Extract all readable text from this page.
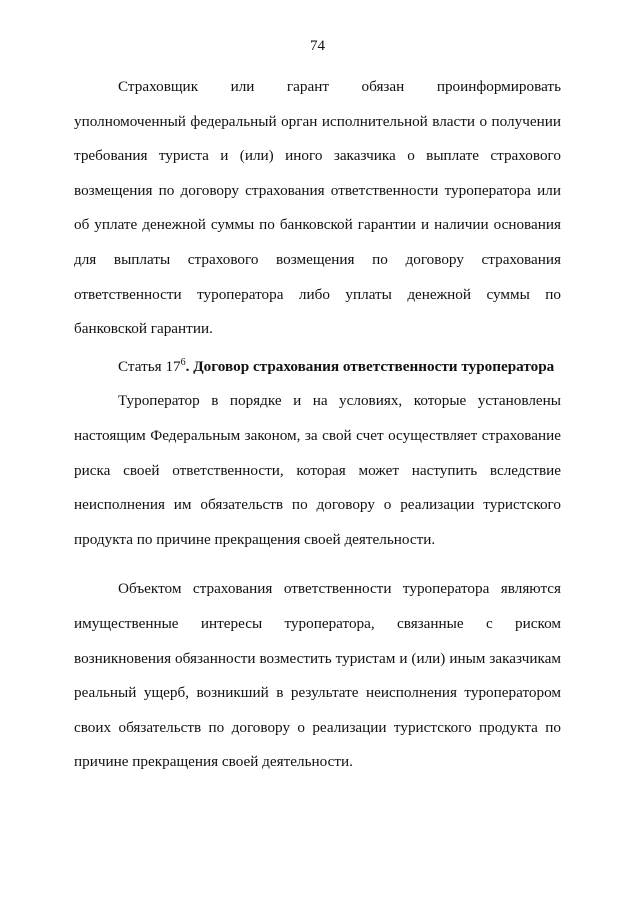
74

Страховщик или гарант обязан проинформировать уполномоченный федеральный орган исполнительной власти о получении требования туриста и (или) иного заказчика о выплате страхового возмещения по договору страхования ответственности туроператора или об уплате денежной суммы по банковской гарантии и наличии основания для выплаты страхового возмещения по договору страхования ответственности туроператора либо уплаты денежной суммы по банковской гарантии.

Статья $17^6$. Договор страхования ответственности туроператора

Туроператор в порядке и на условиях, которые установлены настоящим Федеральным законом, за свой счет осуществляет страхование риска своей ответственности, которая может наступить вследствие неисполнения им обязательств по договору о реализации туристского продукта по причине прекращения своей деятельности.

Объектом страхования ответственности туроператора являются имущественные интересы туроператора, связанные с риском возникновения обязанности возместить туристам и (или) иным заказчикам реальный ущерб, возникший в результате неисполнения туроператором своих обязательств по договору о реализации туристского продукта по причине прекращения своей деятельности.
